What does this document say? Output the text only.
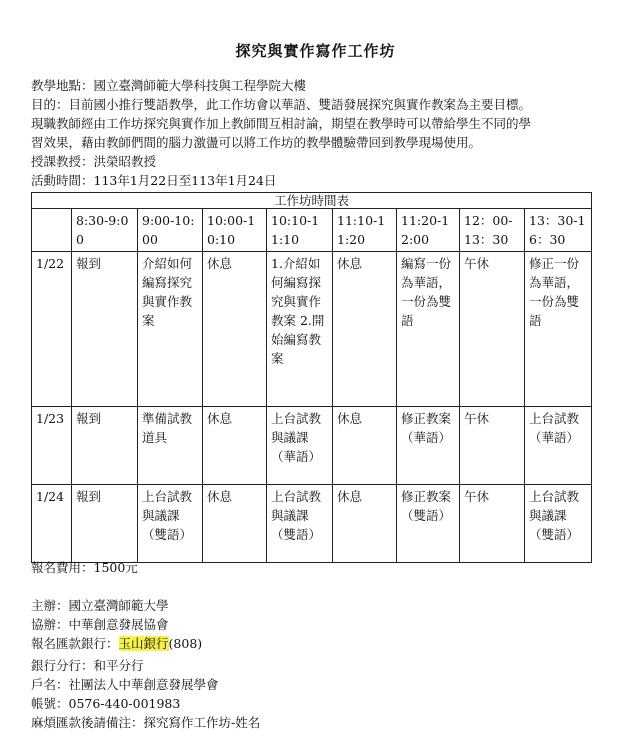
探究與實作寫作工作坊
教學地點：國立臺灣師範大學科技與工程學院大樓
目的：目前國小推行雙語教學，此工作坊會以華語、雙語發展探究與實作教案為主要目標。
現職教師經由工作坊探究與實作加上教師間互相討論，期望在教學時可以帶給學生不同的學
習效果，藉由教師們間的腦力激盪可以將工作坊的教學體驗帶回到教學現場使用。
授課教授：洪榮昭教授
活動時間：113年1月22日至113年1月24日
工作坊時間表								
	8:30-9:00	9:00-10:00	10:00-10:10	10:10-11:10	11:10-11:20	11:20-12:00	12：00-13：30	13：30-16：30
1/22	報到	介紹如何編寫探究與實作教案	休息	1.介紹如何編寫探究與實作教案 2.開始編寫教案	休息	編寫一份為華語，一份為雙語	午休	修正一份為華語，一份為雙語
1/23	報到	準備試教道具	休息	上台試教與議課（華語）	休息	修正教案（華語）	午休	上台試教（華語）
1/24	報到	上台試教與議課（雙語）	休息	上台試教與議課（雙語）	休息	修正教案（雙語）	午休	上台試教與議課（雙語）
報名費用：1500元
主辦：國立臺灣師範大學
協辦：中華創意發展協會
報名匯款銀行：玉山銀行(808)
銀行分行：和平分行
戶名：社團法人中華創意發展學會
帳號：0576-440-001983
麻煩匯款後請備注：探究寫作工作坊-姓名
